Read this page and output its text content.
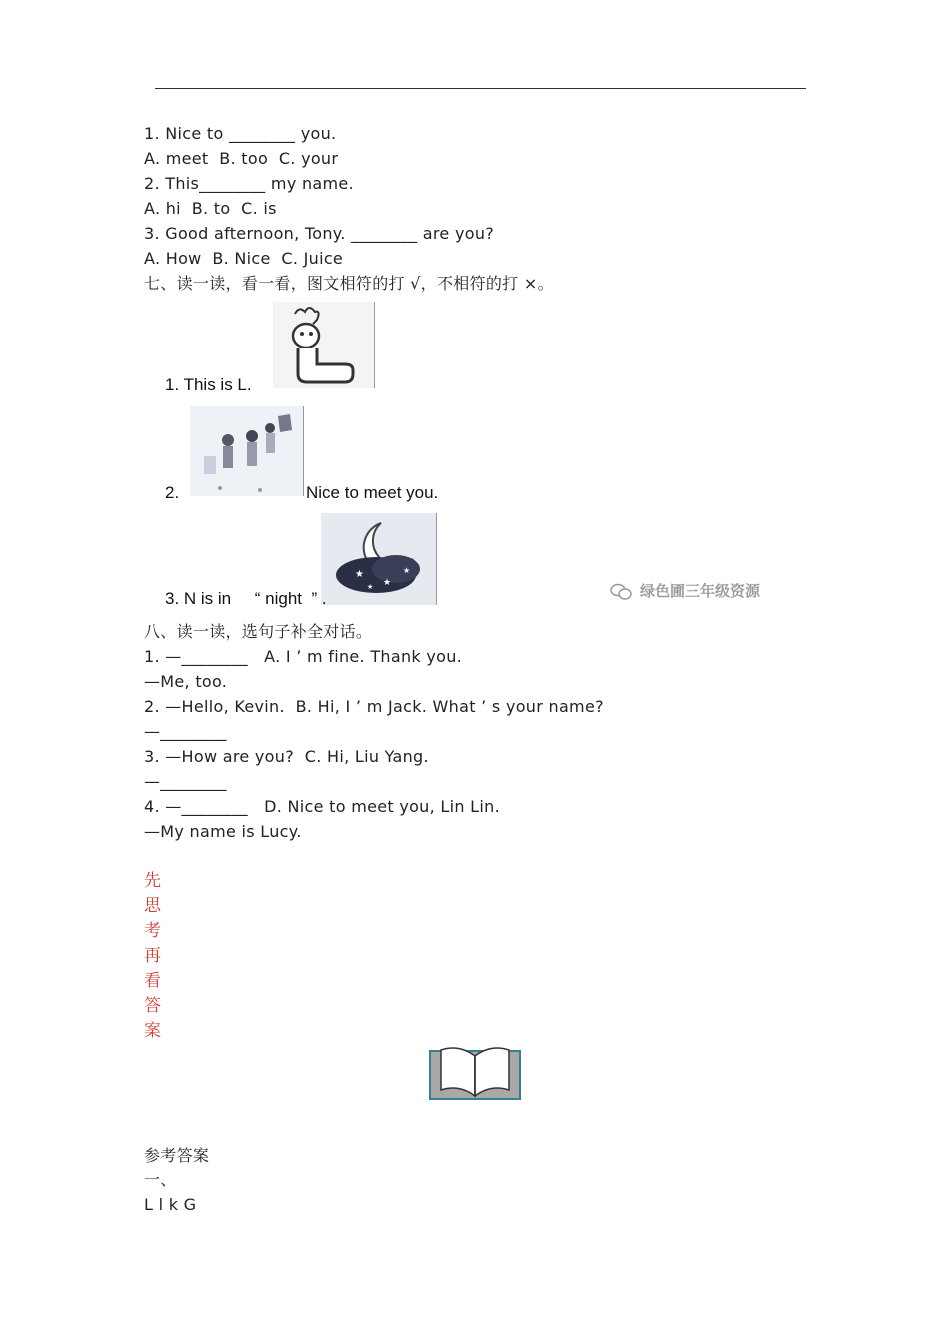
1. Nice to ________ you.
A. meet  B. too  C. your
2. This________ my name.
A. hi  B. to  C. is
3. Good afternoon, Tony. ________ are you?
A. How  B. Nice  C. Juice
七、读一读，看一看，图文相符的打 √，不相符的打 ×。
1. This is L.
2.	Nice to meet you.
★
★
★
★
3. N is in     “ night  ” .	绿色圃三年级资源
八、读一读，选句子补全对话。
1. —________   A. I ’ m fine. Thank you.
—Me, too.
2. —Hello, Kevin.  B. Hi, I ’ m Jack. What ’ s your name?
—________
3. —How are you?  C. Hi, Liu Yang.
—________
4. —________   D. Nice to meet you, Lin Lin.
—My name is Lucy.
先
思
考
再
看
答
案
参考答案
一、
L l k G
